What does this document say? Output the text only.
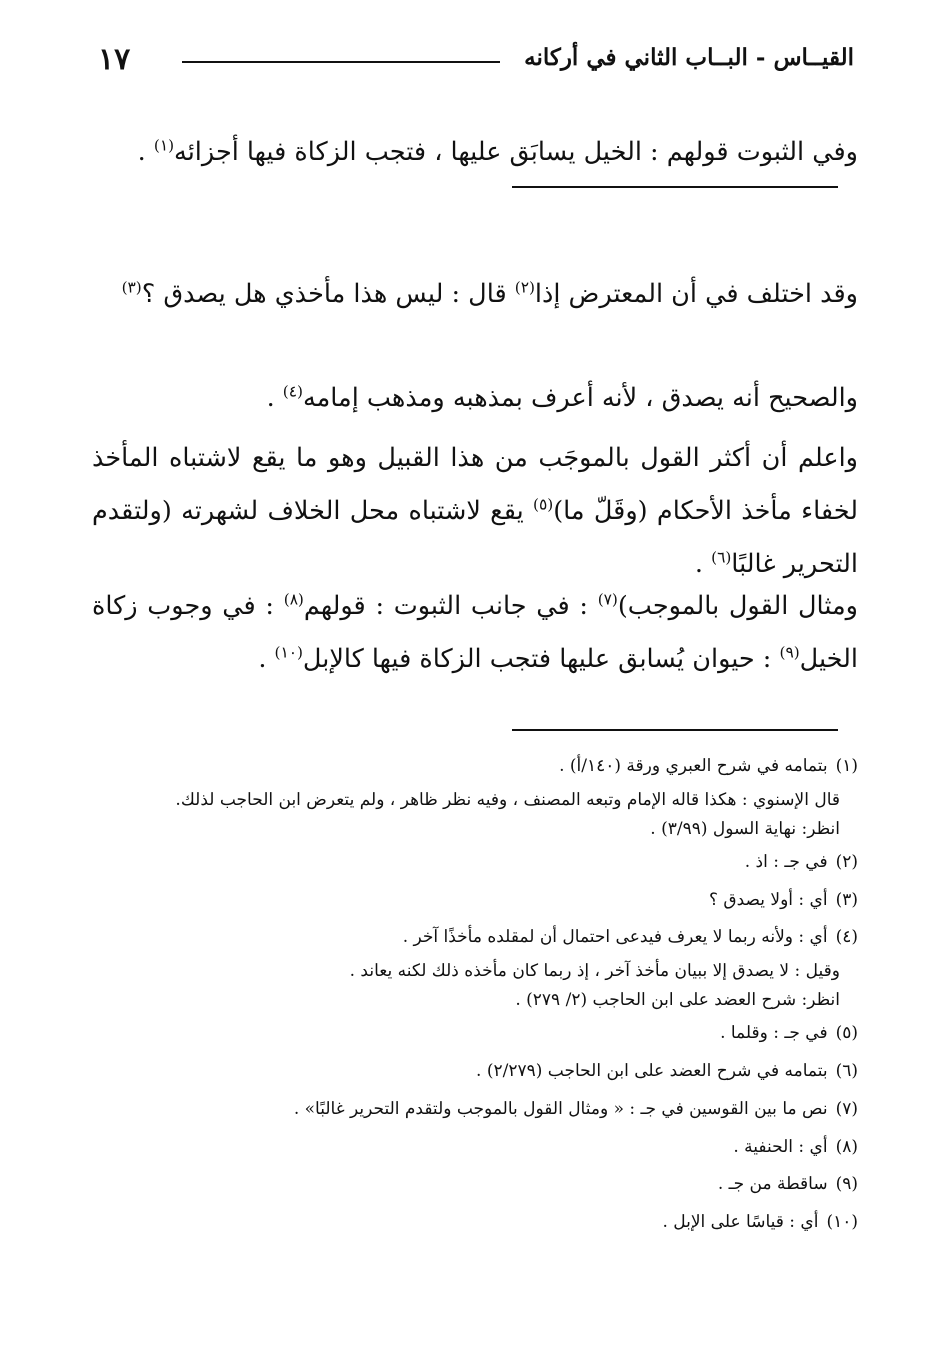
١٧	القيــاس - البــاب الثاني في أركانه
وفي الثبوت قولهم : الخيل يسابَق عليها ، فتجب الزكاة فيها أجزائه$^{(١)}$ .
وقد اختلف في أن المعترض إذا$^{(٢)}$ قال : ليس هذا مأخذي هل يصدق ؟$^{(٣)}$
والصحيح أنه يصدق ، لأنه أعرف بمذهبه ومذهب إمامه$^{(٤)}$ .
واعلم أن أكثر القول بالموجَب من هذا القبيل وهو ما يقع لاشتباه المأخذ لخفاء مأخذ الأحكام (وقَلّ ما)$^{(٥)}$ يقع لاشتباه محل الخلاف لشهرته (ولتقدم التحرير غالبًا$^{(٦)}$ .
ومثال القول بالموجب)$^{(٧)}$ : في جانب الثبوت : قولهم$^{(٨)}$ : في وجوب زكاة الخيل$^{(٩)}$ : حيوان يُسابق عليها فتجب الزكاة فيها كالإبل$^{(١٠)}$ .
(١)بتمامه في شرح العبري ورقة (١٤٠/أ) .
قال الإسنوي : هكذا قاله الإمام وتبعه المصنف ، وفيه نظر ظاهر ، ولم يتعرض ابن الحاجب لذلك.
انظر: نهاية السول (٣/٩٩) .
(٢)في جـ : اذ .
(٣)أي : أولا يصدق ؟
(٤)أي : ولأنه ربما لا يعرف فيدعى احتمال أن لمقلده مأخذًا آخر .
وقيل : لا يصدق إلا ببيان مأخذ آخر ، إذ ربما كان مأخذه ذلك لكنه يعاند .
انظر: شرح العضد على ابن الحاجب (٢/ ٢٧٩) .
(٥)في جـ : وقلما .
(٦)بتمامه في شرح العضد على ابن الحاجب (٢/٢٧٩) .
(٧)نص ما بين القوسين في جـ : « ومثال القول بالموجب ولتقدم التحرير غالبًا» .
(٨)أي : الحنفية .
(٩)ساقطة من جـ .
(١٠)أي : قياسًا على الإبل .
